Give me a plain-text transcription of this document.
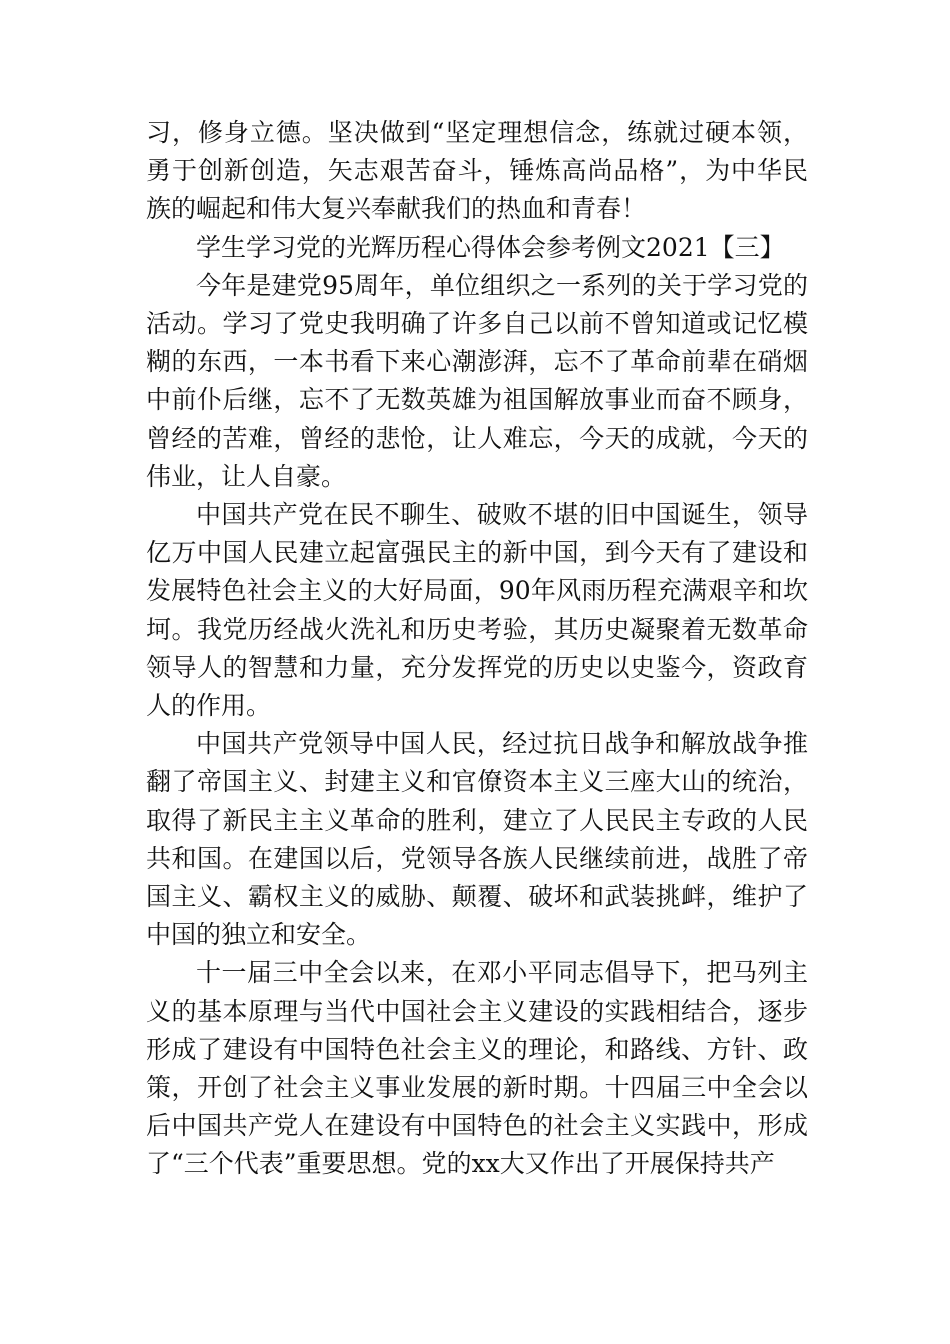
习，修身立德。坚决做到“坚定理想信念，练就过硬本领，勇于创新创造，矢志艰苦奋斗，锤炼高尚品格”，为中华民族的崛起和伟大复兴奉献我们的热血和青春！

学生学习党的光辉历程心得体会参考例文2021【三】

今年是建党95周年，单位组织之一系列的关于学习党的活动。学习了党史我明确了许多自己以前不曾知道或记忆模糊的东西，一本书看下来心潮澎湃，忘不了革命前辈在硝烟中前仆后继，忘不了无数英雄为祖国解放事业而奋不顾身，曾经的苦难，曾经的悲怆，让人难忘，今天的成就，今天的伟业，让人自豪。

中国共产党在民不聊生、破败不堪的旧中国诞生，领导亿万中国人民建立起富强民主的新中国，到今天有了建设和发展特色社会主义的大好局面，90年风雨历程充满艰辛和坎坷。我党历经战火洗礼和历史考验，其历史凝聚着无数革命领导人的智慧和力量，充分发挥党的历史以史鉴今，资政育人的作用。

中国共产党领导中国人民，经过抗日战争和解放战争推翻了帝国主义、封建主义和官僚资本主义三座大山的统治，取得了新民主主义革命的胜利，建立了人民民主专政的人民共和国。在建国以后，党领导各族人民继续前进，战胜了帝国主义、霸权主义的威胁、颠覆、破坏和武装挑衅，维护了中国的独立和安全。

十一届三中全会以来，在邓小平同志倡导下，把马列主义的基本原理与当代中国社会主义建设的实践相结合，逐步形成了建设有中国特色社会主义的理论，和路线、方针、政策，开创了社会主义事业发展的新时期。十四届三中全会以后中国共产党人在建设有中国特色的社会主义实践中，形成了“三个代表”重要思想。党的xx大又作出了开展保持共产
